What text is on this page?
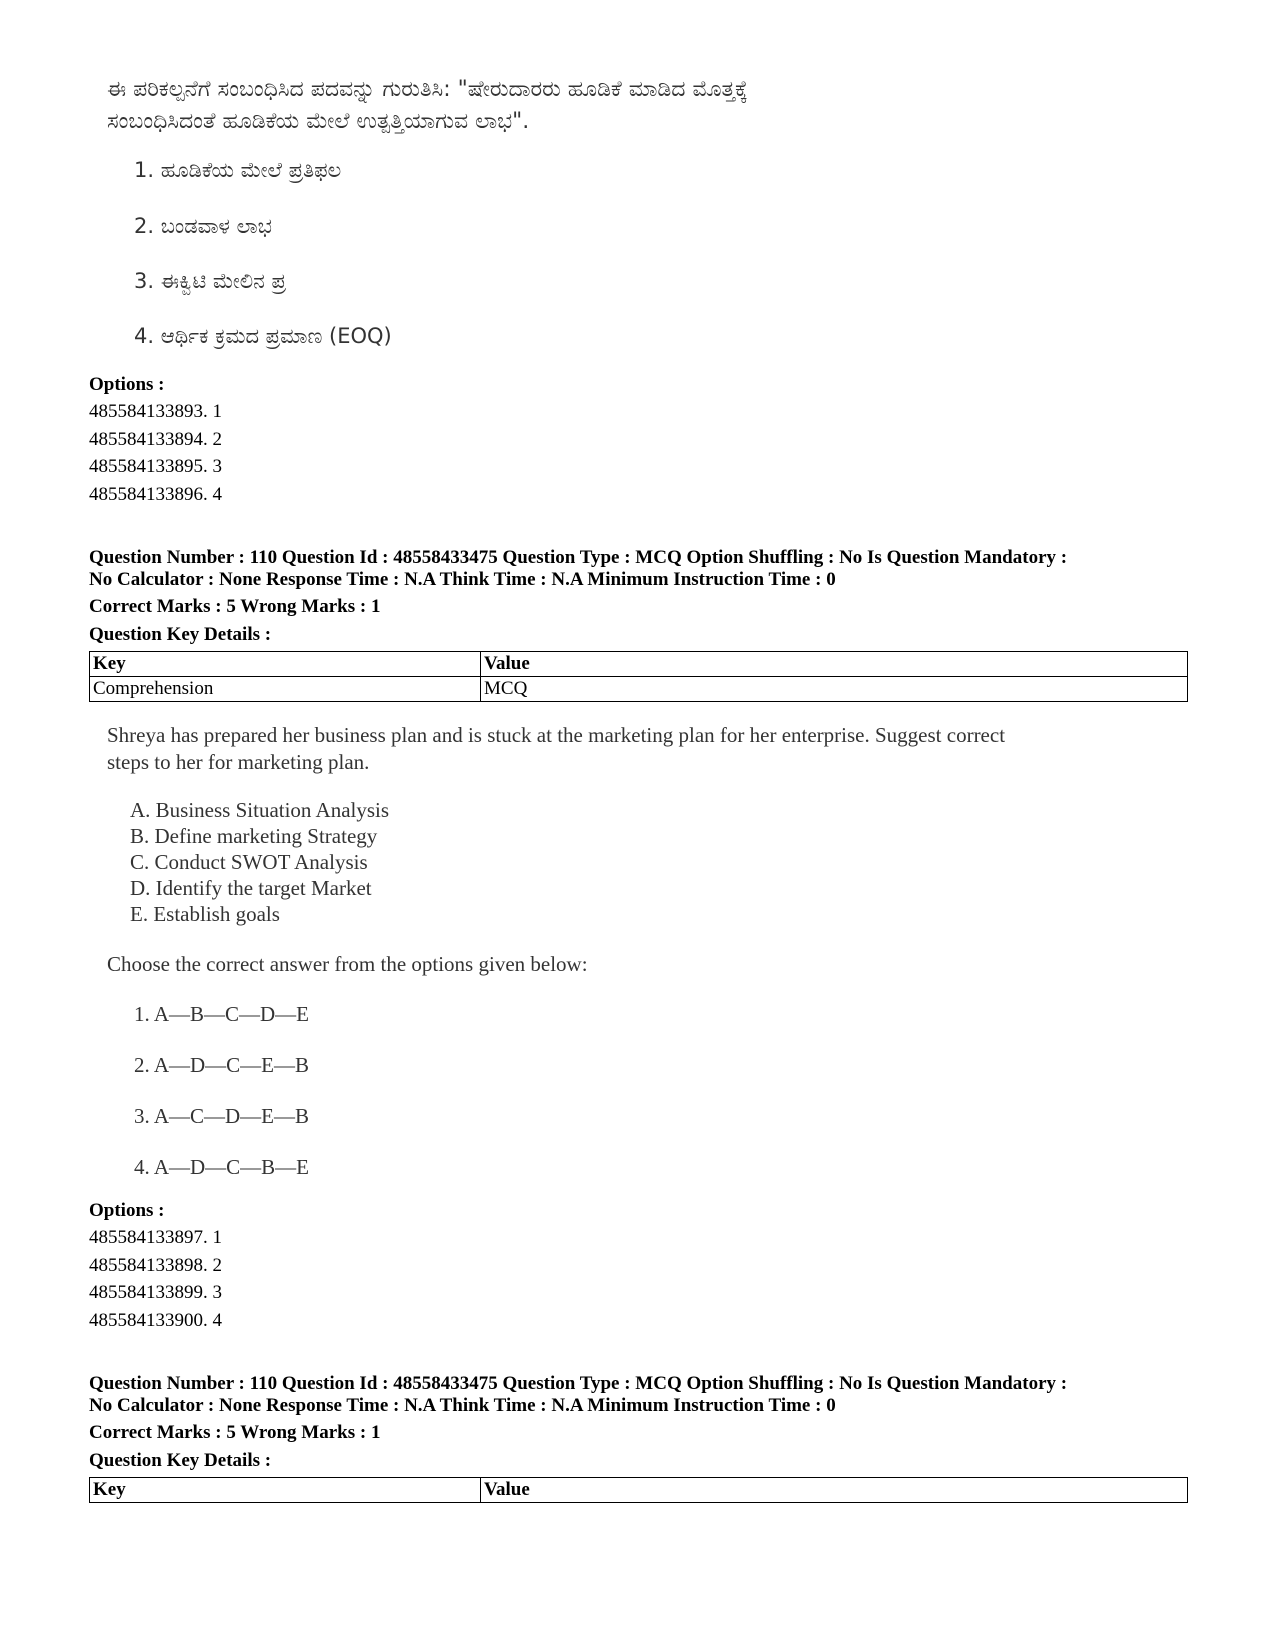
ಈ ಪರಿಕಲ್ಪನೆಗೆ ಸಂಬಂಧಿಸಿದ ಪದವನ್ನು ಗುರುತಿಸಿ: "ಷೇರುದಾರರು ಹೂಡಿಕೆ ಮಾಡಿದ ಮೊತ್ತಕ್ಕೆ
ಸಂಬಂಧಿಸಿದಂತೆ ಹೂಡಿಕೆಯ ಮೇಲೆ ಉತ್ಪತ್ತಿಯಾಗುವ ಲಾಭ".
1. ಹೂಡಿಕೆಯ ಮೇಲೆ ಪ್ರತಿಫಲ
2. ಬಂಡವಾಳ ಲಾಭ
3. ಈಕ್ವಿಟಿ ಮೇಲಿನ ಪ್ರ
4. ಆರ್ಥಿಕ ಕ್ರಮದ ಪ್ರಮಾಣ (EOQ)
Options :
485584133893. 1
485584133894. 2
485584133895. 3
485584133896. 4
Question Number : 110 Question Id : 48558433475 Question Type : MCQ Option Shuffling : No Is Question Mandatory :
No Calculator : None Response Time : N.A Think Time : N.A Minimum Instruction Time : 0
Correct Marks : 5 Wrong Marks : 1
Question Key Details :
Key	Value
Comprehension	MCQ
Shreya has prepared her business plan and is stuck at the marketing plan for her enterprise. Suggest correct
steps to her for marketing plan.
A. Business Situation Analysis
B. Define marketing Strategy
C. Conduct SWOT Analysis
D. Identify the target Market
E. Establish goals
Choose the correct answer from the options given below:
1. A—B—C—D—E
2. A—D—C—E—B
3. A—C—D—E—B
4. A—D—C—B—E
Options :
485584133897. 1
485584133898. 2
485584133899. 3
485584133900. 4
Question Number : 110 Question Id : 48558433475 Question Type : MCQ Option Shuffling : No Is Question Mandatory :
No Calculator : None Response Time : N.A Think Time : N.A Minimum Instruction Time : 0
Correct Marks : 5 Wrong Marks : 1
Question Key Details :
Key	Value
